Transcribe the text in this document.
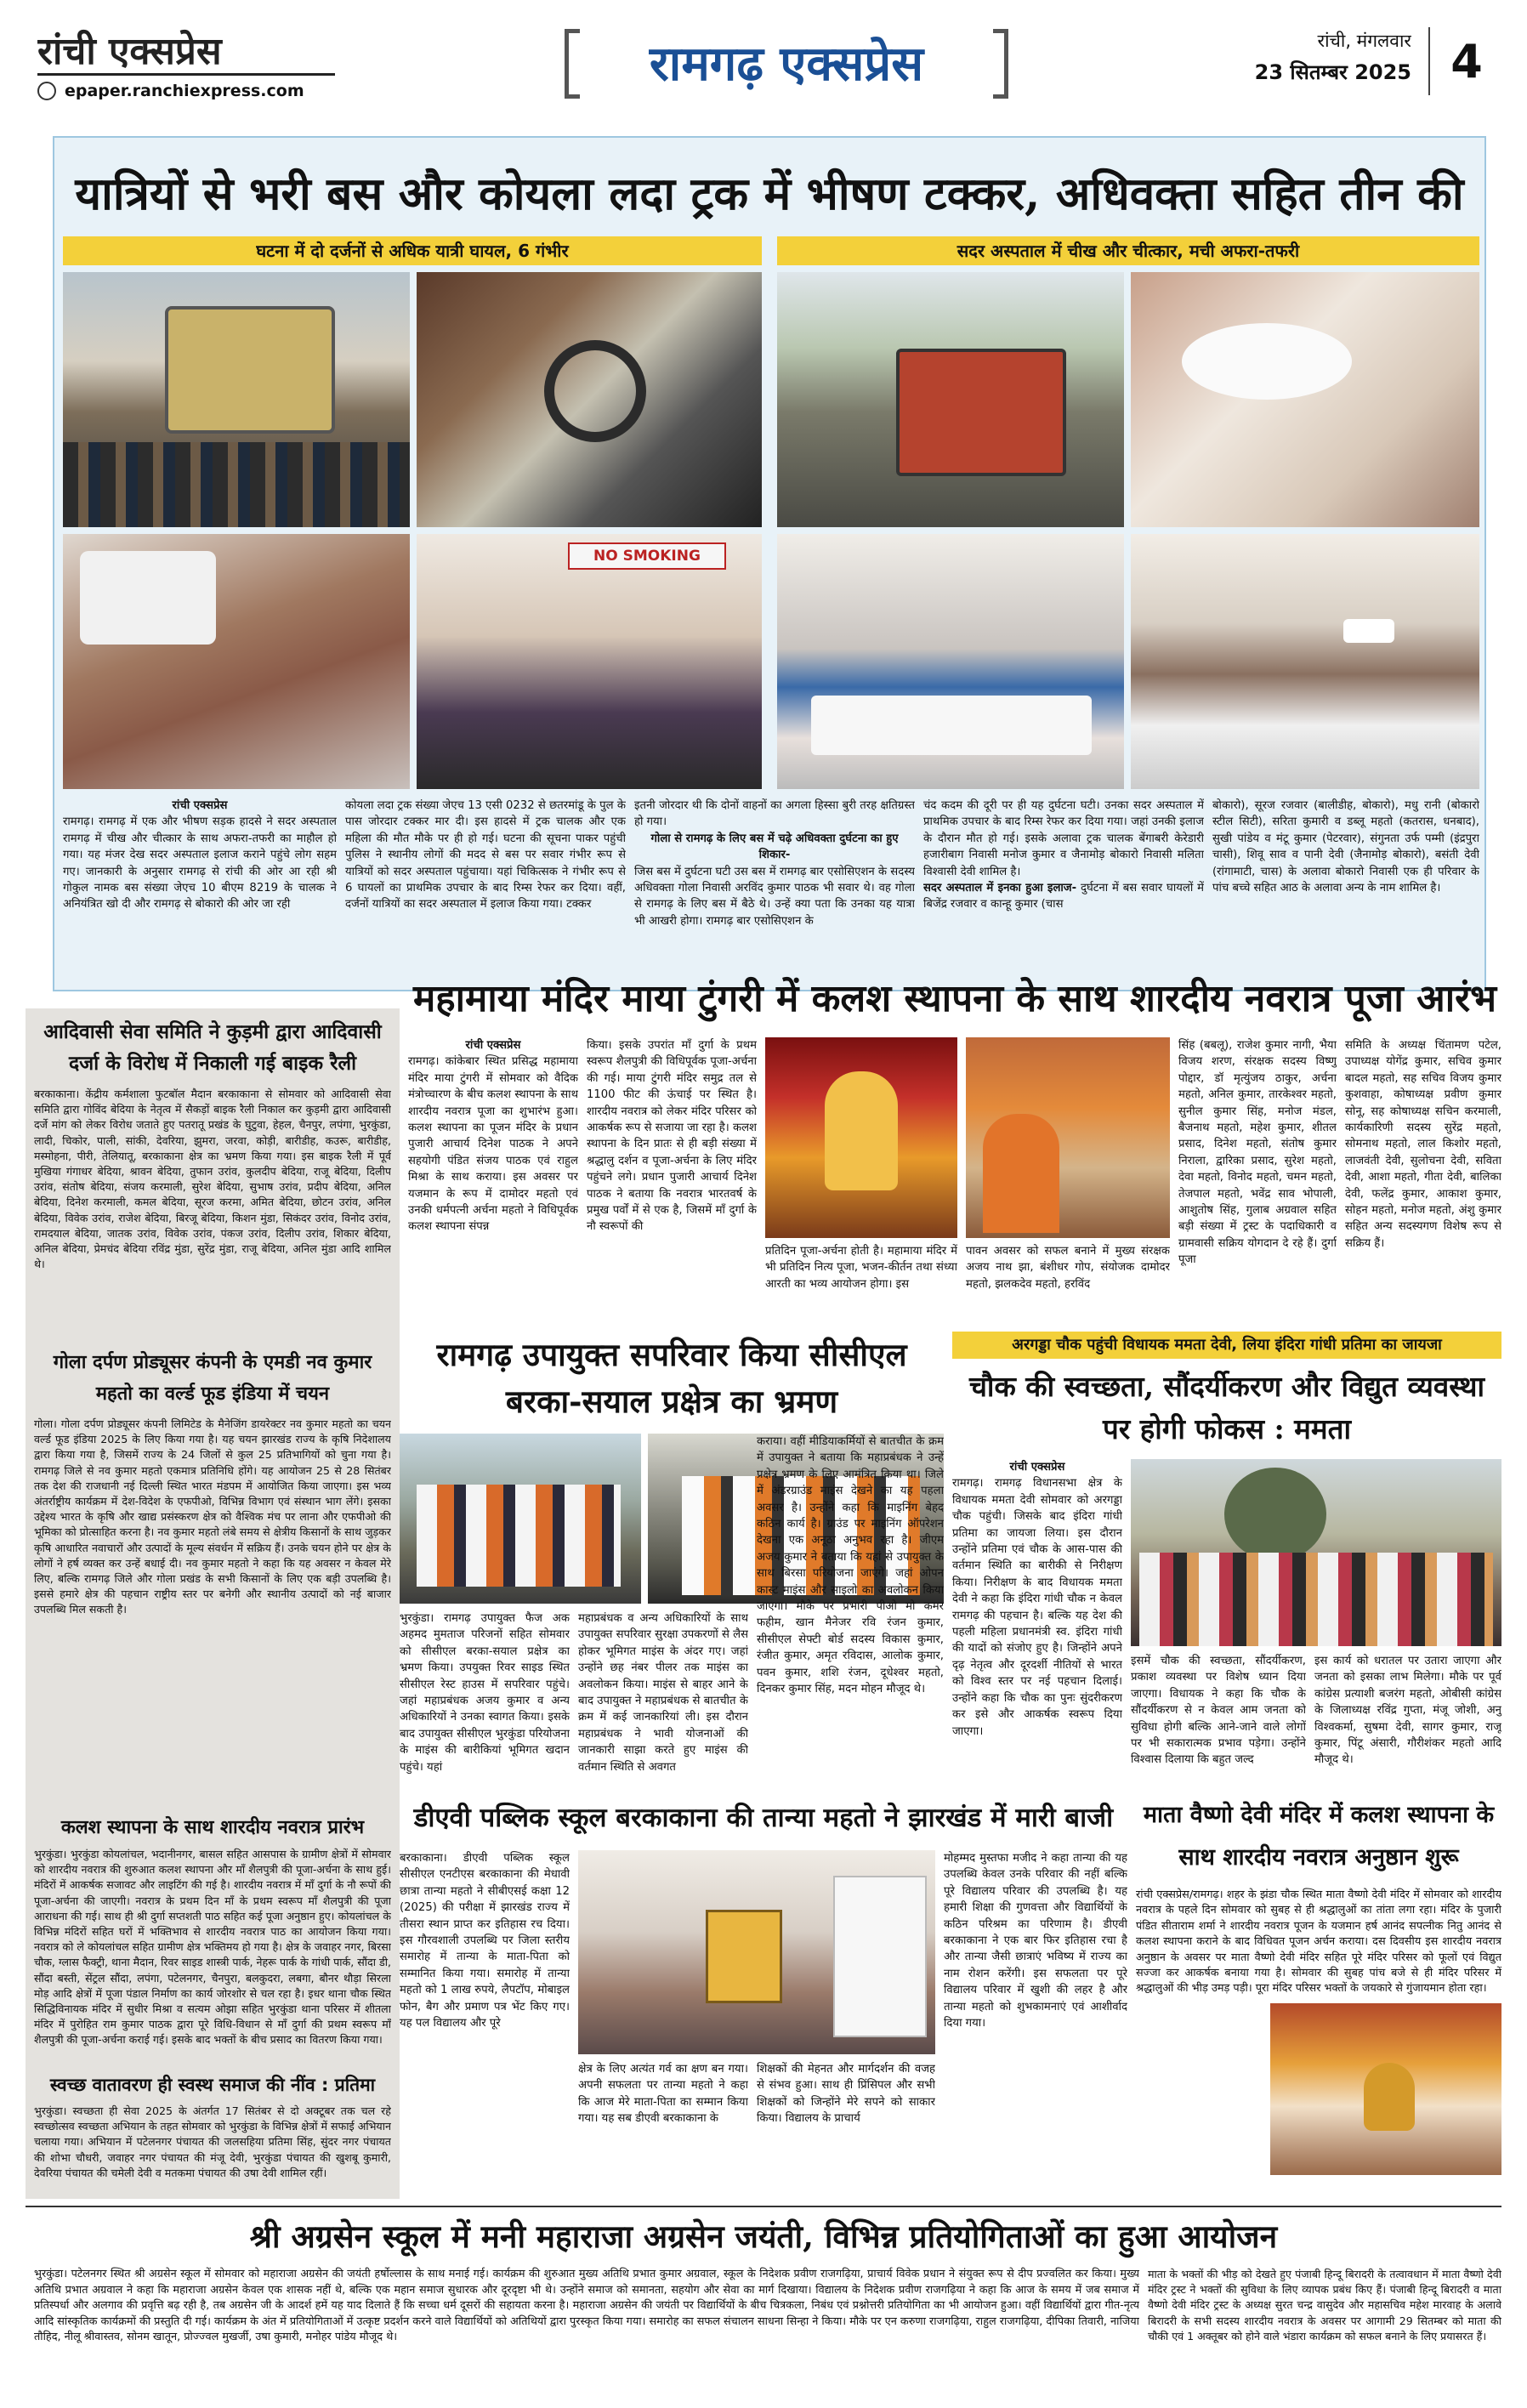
रांची एक्सप्रेस
epaper.ranchiexpress.com	रामगढ़ एक्सप्रेस	रांची, मंगलवार
23 सितम्बर 2025 4
यात्रियों से भरी बस और कोयला लदा ट्रक में भीषण टक्कर, अधिवक्ता सहित तीन की
घटना में दो दर्जनों से अधिक यात्री घायल, 6 गंभीर	सदर अस्पताल में चीख और चीत्कार, मची अफरा-तफरी
NO SMOKING
रांची एक्सप्रेस

रामगढ़। रामगढ़ में एक और भीषण सड़क हादसे ने सदर अस्पताल रामगढ़ में चीख और चीत्कार के साथ अफरा-तफरी का माहौल हो गया। यह मंजर देख सदर अस्पताल इलाज कराने पहुंचे लोग सहम गए। जानकारी के अनुसार रामगढ़ से रांची की ओर आ रही श्री गोकुल नामक बस संख्या जेएच 10 बीएम 8219 के चालक ने अनियंत्रित खो दी और रामगढ़ से बोकारो की ओर जा रही

कोयला लदा ट्रक संख्या जेएच 13 एसी 0232 से छतरमांडू के पुल के पास जोरदार टक्कर मार दी। इस हादसे में ट्रक चालक और एक महिला की मौत मौके पर ही हो गई। घटना की सूचना पाकर पहुंची पुलिस ने स्थानीय लोगों की मदद से बस पर सवार गंभीर रूप से यात्रियों को सदर अस्पताल पहुंचाया। यहां चिकित्सक ने गंभीर रूप से 6 घायलों का प्राथमिक उपचार के बाद रिम्स रेफर कर दिया। वहीं, दर्जनों यात्रियों का सदर अस्पताल में इलाज किया गया। टक्कर

इतनी जोरदार थी कि दोनों वाहनों का अगला हिस्सा बुरी तरह क्षतिग्रस्त हो गया।

गोला से रामगढ़ के लिए बस में चढ़े अधिवक्ता दुर्घटना का हुए शिकार-

जिस बस में दुर्घटना घटी उस बस में रामगढ़ बार एसोसिएशन के सदस्य अधिवक्ता गोला निवासी अरविंद कुमार पाठक भी सवार थे। वह गोला से रामगढ़ के लिए बस में बैठे थे। उन्हें क्या पता कि उनका यह यात्रा भी आखरी होगा। रामगढ़ बार एसोसिएशन के

चंद कदम की दूरी पर ही यह दुर्घटना घटी। उनका सदर अस्पताल में प्राथमिक उपचार के बाद रिम्स रेफर कर दिया गया। जहां उनकी इलाज के दौरान मौत हो गई। इसके अलावा ट्रक चालक बेंगाबरी केरेडारी हजारीबाग निवासी मनोज कुमार व जैनामोड़ बोकारो निवासी मलिता विश्वासी देवी शामिल है।

सदर अस्पताल में इनका हुआ इलाज- दुर्घटना में बस सवार घायलों में बिजेंद्र रजवार व कान्हू कुमार (चास

बोकारो), सूरज रजवार (बालीडीह, बोकारो), मधु रानी (बोकारो स्टील सिटी), सरिता कुमारी व डब्लू महतो (कतरास, धनबाद), सुखी पांडेय व मंटू कुमार (पेटरवार), संगुनता उर्फ पम्मी (इंद्रपुरा चासी), शिवू साव व पानी देवी (जैनामोड़ बोकारो), बसंती देवी (रांगामाटी, चास) के अलावा बोकारो निवासी एक ही परिवार के पांच बच्चे सहित आठ के अलावा अन्य के नाम शामिल है।

आदिवासी सेवा समिति ने कुड़मी द्वारा आदिवासी दर्जा के विरोध में निकाली गई बाइक रैली
बरकाकाना। केंद्रीय कर्मशाला फुटबॉल मैदान बरकाकाना से सोमवार को आदिवासी सेवा समिति द्वारा गोविंद बेदिया के नेतृत्व में सैकड़ों बाइक रैली निकाल कर कुड़मी द्वारा आदिवासी दर्जे मांग को लेकर विरोध जताते हुए पतरातू प्रखंड के घुटुवा, हेहल, चैनपुर, लपंगा, भुरकुंडा, लादी, चिकोर, पाली, सांकी, देवरिया, झुमरा, जरवा, कोड़ी, बारीडीह, कउरू, बारीडीह, मस्मोहना, पीरी, तेलियातू, बरकाकाना क्षेत्र का भ्रमण किया गया। इस बाइक रैली में पूर्व मुखिया गंगाधर बेदिया, श्रावन बेदिया, तुफान उरांव, कुलदीप बेदिया, राजू बेदिया, दिलीप उरांव, संतोष बेदिया, संजय करमाली, सुरेश बेदिया, सुभाष उरांव, प्रदीप बेदिया, अनिल बेदिया, दिनेश करमाली, कमल बेदिया, सूरज करमा, अमित बेदिया, छोटन उरांव, अनिल बेदिया, विवेक उरांव, राजेश बेदिया, बिरजू बेदिया, किशन मुंडा, सिकंदर उरांव, विनोद उरांव, रामदयाल बेदिया, जातक उरांव, विवेक उरांव, पंकज उरांव, दिलीप उरांव, शिकार बेदिया, अनिल बेदिया, प्रेमचंद बेदिया रविंद्र मुंडा, सुरेंद्र मुंडा, राजू बेदिया, अनिल मुंडा आदि शामिल थे।
गोला दर्पण प्रोड्यूसर कंपनी के एमडी नव कुमार महतो का वर्ल्ड फूड इंडिया में चयन
गोला। गोला दर्पण प्रोड्यूसर कंपनी लिमिटेड के मैनेजिंग डायरेक्टर नव कुमार महतो का चयन वर्ल्ड फूड इंडिया 2025 के लिए किया गया है। यह चयन झारखंड राज्य के कृषि निदेशालय द्वारा किया गया है, जिसमें राज्य के 24 जिलों से कुल 25 प्रतिभागियों को चुना गया है। रामगढ़ जिले से नव कुमार महतो एकमात्र प्रतिनिधि होंगे। यह आयोजन 25 से 28 सितंबर तक देश की राजधानी नई दिल्ली स्थित भारत मंडपम में आयोजित किया जाएगा। इस भव्य अंतर्राष्ट्रीय कार्यक्रम में देश-विदेश के एफपीओ, विभिन्न विभाग एवं संस्थान भाग लेंगे। इसका उद्देश्य भारत के कृषि और खाद्य प्रसंस्करण क्षेत्र को वैश्विक मंच पर लाना और एफपीओ की भूमिका को प्रोत्साहित करना है। नव कुमार महतो लंबे समय से क्षेत्रीय किसानों के साथ जुड़कर कृषि आधारित नवाचारों और उत्पादों के मूल्य संवर्धन में सक्रिय हैं। उनके चयन होने पर क्षेत्र के लोगों ने हर्ष व्यक्त कर उन्हें बधाई दी। नव कुमार महतो ने कहा कि यह अवसर न केवल मेरे लिए, बल्कि रामगढ़ जिले और गोला प्रखंड के सभी किसानों के लिए एक बड़ी उपलब्धि है। इससे हमारे क्षेत्र की पहचान राष्ट्रीय स्तर पर बनेगी और स्थानीय उत्पादों को नई बाजार उपलब्धि मिल सकती है।
कलश स्थापना के साथ शारदीय नवरात्र प्रारंभ
भुरकुंडा। भुरकुंडा कोयलांचल, भदानीनगर, बासल सहित आसपास के ग्रामीण क्षेत्रों में सोमवार को शारदीय नवरात्र की शुरुआत कलश स्थापना और माँ शैलपुत्री की पूजा-अर्चना के साथ हुई। मंदिरों में आकर्षक सजावट और लाइटिंग की गई है। शारदीय नवरात्र में माँ दुर्गा के नौ रूपों की पूजा-अर्चना की जाएगी। नवरात्र के प्रथम दिन माँ के प्रथम स्वरूप माँ शैलपुत्री की पूजा आराधना की गई। साथ ही श्री दुर्गा सप्तशती पाठ सहित कई पूजा अनुष्ठान हुए। कोयलांचल के विभिन्न मंदिरों सहित घरों में भक्तिभाव से शारदीय नवरात्र पाठ का आयोजन किया गया। नवरात्र को ले कोयलांचल सहित ग्रामीण क्षेत्र भक्तिमय हो गया है। क्षेत्र के जवाहर नगर, बिरसा चौक, ग्लास फैक्ट्री, थाना मैदान, रिवर साइड शास्त्री पार्क, नेहरू पार्क के गांधी पार्क, सौंदा डी, सौंदा बस्ती, सेंट्रल सौंदा, लपंगा, पटेलनगर, चैनपुरा, बलकुदरा, लबगा, बौनर थौड़ा सिरला मोड़ आदि क्षेत्रों में पूजा पंडाल निर्माण का कार्य जोरशोर से चल रहा है। इधर थाना चौक स्थित सिद्धिविनायक मंदिर में सुधीर मिश्रा व सत्यम ओझा सहित भुरकुंडा थाना परिसर में शीतला मंदिर में पुरोहित राम कुमार पाठक द्वारा पूरे विधि-विधान से माँ दुर्गा की प्रथम स्वरूप माँ शैलपुत्री की पूजा-अर्चना कराई गई। इसके बाद भक्तों के बीच प्रसाद का वितरण किया गया।
स्वच्छ वातावरण ही स्वस्थ समाज की नींव : प्रतिमा
भुरकुंडा। स्वच्छता ही सेवा 2025 के अंतर्गत 17 सितंबर से दो अक्टूबर तक चल रहे स्वच्छोत्सव स्वच्छता अभियान के तहत सोमवार को भुरकुंडा के विभिन्न क्षेत्रों में सफाई अभियान चलाया गया। अभियान में पटेलनगर पंचायत की जलसहिया प्रतिमा सिंह, सुंदर नगर पंचायत की शोभा चौधरी, जवाहर नगर पंचायत की मंजू देवी, भुरकुंडा पंचायत की खुशबू कुमारी, देवरिया पंचायत की चमेली देवी व मतकमा पंचायत की उषा देवी शामिल रहीं।
महामाया मंदिर माया टुंगरी में कलश स्थापना के साथ शारदीय नवरात्र पूजा आरंभ
रांची एक्सप्रेस

रामगढ़। कांकेबार स्थित प्रसिद्ध महामाया मंदिर माया टुंगरी में सोमवार को वैदिक मंत्रोच्चारण के बीच कलश स्थापना के साथ शारदीय नवरात्र पूजा का शुभारंभ हुआ। कलश स्थापना का पूजन मंदिर के प्रधान पुजारी आचार्य दिनेश पाठक ने अपने सहयोगी पंडित संजय पाठक एवं राहुल मिश्रा के साथ कराया। इस अवसर पर यजमान के रूप में दामोदर महतो एवं उनकी धर्मपत्नी अर्चना महतो ने विधिपूर्वक कलश स्थापना संपन्न

किया। इसके उपरांत माँ दुर्गा के प्रथम स्वरूप शैलपुत्री की विधिपूर्वक पूजा-अर्चना की गई। माया टुंगरी मंदिर समुद्र तल से 1100 फीट की ऊंचाई पर स्थित है। शारदीय नवरात्र को लेकर मंदिर परिसर को आकर्षक रूप से सजाया जा रहा है। कलश स्थापना के दिन प्रातः से ही बड़ी संख्या में श्रद्धालु दर्शन व पूजा-अर्चना के लिए मंदिर पहुंचने लगे। प्रधान पुजारी आचार्य दिनेश पाठक ने बताया कि नवरात्र भारतवर्ष के प्रमुख पर्वों में से एक है, जिसमें माँ दुर्गा के नौ स्वरूपों की
प्रतिदिन पूजा-अर्चना होती है। महामाया मंदिर में भी प्रतिदिन नित्य पूजा, भजन-कीर्तन तथा संध्या आरती का भव्य आयोजन होगा। इस
पावन अवसर को सफल बनाने में मुख्य संरक्षक अजय नाथ झा, बंशीधर गोप, संयोजक दामोदर महतो, झलकदेव महतो, हरविंद
सिंह (बबलू), राजेश कुमार नागी, भैया विजय शरण, संरक्षक सदस्य विष्णु पोद्दार, डॉ मृत्युंजय ठाकुर, अर्चना महतो, अनिल कुमार, तारकेश्वर महतो, सुनील कुमार सिंह, मनोज मंडल, बैजनाथ महतो, महेश कुमार, शीतल प्रसाद, दिनेश महतो, संतोष कुमार निराला, द्वारिका प्रसाद, सुरेश महतो, देवा महतो, विनोद महतो, चमन महतो, तेजपाल महतो, भवेंद्र साव भोपाली, आशुतोष सिंह, गुलाब अग्रवाल सहित बड़ी संख्या में ट्रस्ट के पदाधिकारी व ग्रामवासी सक्रिय योगदान दे रहे हैं। दुर्गा पूजा
समिति के अध्यक्ष चिंतामण पटेल, उपाध्यक्ष योगेंद्र कुमार, सचिव कुमार बादल महतो, सह सचिव विजय कुमार कुशवाहा, कोषाध्यक्ष प्रवीण कुमार सोनू, सह कोषाध्यक्ष सचिन करमाली, कार्यकारिणी सदस्य सुरेंद्र महतो, सोमनाथ महतो, लाल किशोर महतो, लाजवंती देवी, सुलोचना देवी, सविता देवी, आशा महतो, गीता देवी, बालिका देवी, फलेंद्र कुमार, आकाश कुमार, सोहन महतो, मनोज महतो, अंशु कुमार सहित अन्य सदस्यगण विशेष रूप से सक्रिय हैं।
रामगढ़ उपायुक्त सपरिवार किया सीसीएल बरका-सयाल प्रक्षेत्र का भ्रमण
भुरकुंडा। रामगढ़ उपायुक्त फैज अक अहमद मुमताज परिजनों सहित सोमवार को सीसीएल बरका-सयाल प्रक्षेत्र का भ्रमण किया। उपयुक्त रिवर साइड स्थित सीसीएल रेस्ट हाउस में सपरिवार पहुंचे। जहां महाप्रबंधक अजय कुमार व अन्य अधिकारियों ने उनका स्वागत किया। इसके बाद उपायुक्त सीसीएल भुरकुंडा परियोजना के माइंस की बारीकियां भूमिगत खदान पहुंचे। यहां
महाप्रबंधक व अन्य अधिकारियों के साथ उपायुक्त सपरिवार सुरक्षा उपकरणों से लैस होकर भूमिगत माइंस के अंदर गए। जहां उन्होंने छह नंबर पीलर तक माइंस का अवलोकन किया। माइंस से बाहर आने के बाद उपायुक्त ने महाप्रबंधक से बातचीत के क्रम में कई जानकारियां ली। इस दौरान महाप्रबंधक ने भावी योजनाओं की जानकारी साझा करते हुए माइंस की वर्तमान स्थिति से अवगत
कराया। वहीं मीडियाकर्मियों से बातचीत के क्रम में उपायुक्त ने बताया कि महाप्रबंधक ने उन्हें प्रक्षेत्र भ्रमण के लिए आमंत्रित किया था। जिले में अंडरग्राउंड माइंस देखने का यह पहला अवसर है। उन्होंने कहा कि माइनिंग बेहद कठिन कार्य है। ग्राउंड पर माइनिंग ऑपरेशन देखना एक अनूठा अनुभव रहा है। जीएम अजय कुमार ने बताया कि यहां से उपायुक्त के साथ बिरसा परियोजना जाएंगे। जहां ओपन कास्ट माइंस और साइलो का अवलोकन किया जाएगा। मौके पर प्रभारी पीओ मो कमर फहीम, खान मैनेजर रवि रंजन कुमार, सीसीएल सेफ्टी बोर्ड सदस्य विकास कुमार, रंजीत कुमार, अमृत रविदास, आलोक कुमार, पवन कुमार, शशि रंजन, दूधेश्वर महतो, दिनकर कुमार सिंह, मदन मोहन मौजूद थे।
अरगड्डा चौक पहुंची विधायक ममता देवी, लिया इंदिरा गांधी प्रतिमा का जायजा
चौक की स्वच्छता, सौंदर्यीकरण और विद्युत व्यवस्था पर होगी फोकस : ममता
रांची एक्सप्रेस

रामगढ़। रामगढ़ विधानसभा क्षेत्र के विधायक ममता देवी सोमवार को अरगड्डा चौक पहुंची। जिसके बाद इंदिरा गांधी प्रतिमा का जायजा लिया। इस दौरान उन्होंने प्रतिमा एवं चौक के आस-पास की वर्तमान स्थिति का बारीकी से निरीक्षण किया। निरीक्षण के बाद विधायक ममता देवी ने कहा कि इंदिरा गांधी चौक न केवल रामगढ़ की पहचान है। बल्कि यह देश की पहली महिला प्रधानमंत्री स्व. इंदिरा गांधी की यादों को संजोए हुए है। जिन्होंने अपने दृढ़ नेतृत्व और दूरदर्शी नीतियों से भारत को विश्व स्तर पर नई पहचान दिलाई। उन्होंने कहा कि चौक का पुनः सुंदरीकरण कर इसे और आकर्षक स्वरूप दिया जाएगा।

इसमें चौक की स्वच्छता, सौंदर्यीकरण, प्रकाश व्यवस्था पर विशेष ध्यान दिया जाएगा। विधायक ने कहा कि चौक के सौंदर्यीकरण से न केवल आम जनता को सुविधा होगी बल्कि आने-जाने वाले लोगों पर भी सकारात्मक प्रभाव पड़ेगा। उन्होंने विश्वास दिलाया कि बहुत जल्द
इस कार्य को धरातल पर उतारा जाएगा और जनता को इसका लाभ मिलेगा। मौके पर पूर्व कांग्रेस प्रत्याशी बजरंग महतो, ओबीसी कांग्रेस के जिलाध्यक्ष रविंद्र गुप्ता, मंजू जोशी, अनु विश्वकर्मा, सुषमा देवी, सागर कुमार, राजू कुमार, पिंटू अंसारी, गौरीशंकर महतो आदि मौजूद थे।
डीएवी पब्लिक स्कूल बरकाकाना की तान्या महतो ने झारखंड में मारी बाजी
बरकाकाना। डीएवी पब्लिक स्कूल सीसीएल एनटीएस बरकाकाना की मेधावी छात्रा तान्या महतो ने सीबीएसई कक्षा 12 (2025) की परीक्षा में झारखंड राज्य में तीसरा स्थान प्राप्त कर इतिहास रच दिया। इस गौरवशाली उपलब्धि पर जिला स्तरीय समारोह में तान्या के माता-पिता को सम्मानित किया गया। समारोह में तान्या महतो को 1 लाख रुपये, लैपटॉप, मोबाइल फोन, बैग और प्रमाण पत्र भेंट किए गए। यह पल विद्यालय और पूरे
क्षेत्र के लिए अत्यंत गर्व का क्षण बन गया। अपनी सफलता पर तान्या महतो ने कहा कि आज मेरे माता-पिता का सम्मान किया गया। यह सब डीएवी बरकाकाना के
शिक्षकों की मेहनत और मार्गदर्शन की वजह से संभव हुआ। साथ ही प्रिंसिपल और सभी शिक्षकों को जिन्होंने मेरे सपने को साकार किया। विद्यालय के प्राचार्य
मोहम्मद मुस्तफा मजीद ने कहा तान्या की यह उपलब्धि केवल उनके परिवार की नहीं बल्कि पूरे विद्यालय परिवार की उपलब्धि है। यह हमारी शिक्षा की गुणवत्ता और विद्यार्थियों के कठिन परिश्रम का परिणाम है। डीएवी बरकाकाना ने एक बार फिर इतिहास रचा है और तान्या जैसी छात्राएं भविष्य में राज्य का नाम रोशन करेंगी। इस सफलता पर पूरे विद्यालय परिवार में खुशी की लहर है और तान्या महतो को शुभकामनाएं एवं आशीर्वाद दिया गया।
माता वैष्णो देवी मंदिर में कलश स्थापना के साथ शारदीय नवरात्र अनुष्ठान शुरू
रांची एक्सप्रेस/रामगढ़। शहर के झंडा चौक स्थित माता वैष्णो देवी मंदिर में सोमवार को शारदीय नवरात्र के पहले दिन सोमवार को सुबह से ही श्रद्धालुओं का तांता लगा रहा। मंदिर के पुजारी पंडित सीताराम शर्मा ने शारदीय नवरात्र पूजन के यजमान हर्ष आनंद सपत्नीक नितु आनंद से कलश स्थापना कराने के बाद विधिवत पूजन अर्चन कराया। दस दिवसीय इस शारदीय नवरात्र अनुष्ठान के अवसर पर माता वैष्णो देवी मंदिर सहित पूरे मंदिर परिसर को फूलों एवं विद्युत सज्जा कर आकर्षक बनाया गया है। सोमवार की सुबह पांच बजे से ही मंदिर परिसर में श्रद्धालुओं की भीड़ उमड़ पड़ी। पूरा मंदिर परिसर भक्तों के जयकारे से गुंजायमान होता रहा।
श्री अग्रसेन स्कूल में मनी महाराजा अग्रसेन जयंती, विभिन्न प्रतियोगिताओं का हुआ आयोजन
भुरकुंडा। पटेलनगर स्थित श्री अग्रसेन स्कूल में सोमवार को महाराजा अग्रसेन की जयंती हर्षोल्लास के साथ मनाई गई। कार्यक्रम की शुरुआत मुख्य अतिथि प्रभात कुमार अग्रवाल, स्कूल के निदेशक प्रवीण राजगढ़िया, प्राचार्य विवेक प्रधान ने संयुक्त रूप से दीप प्रज्वलित कर किया। मुख्य अतिथि प्रभात अग्रवाल ने कहा कि महाराजा अग्रसेन केवल एक शासक नहीं थे, बल्कि एक महान समाज सुधारक और दूरदृष्टा भी थे। उन्होंने समाज को समानता, सहयोग और सेवा का मार्ग दिखाया। विद्यालय के निदेशक प्रवीण राजगढ़िया ने कहा कि आज के समय में जब समाज में प्रतिस्पर्धा और अलगाव की प्रवृत्ति बढ़ रही है, तब अग्रसेन जी के आदर्श हमें यह याद दिलाते हैं कि सच्चा धर्म दूसरों की सहायता करना है। महाराजा अग्रसेन की जयंती पर विद्यार्थियों के बीच चित्रकला, निबंध एवं प्रश्नोत्तरी प्रतियोगिता का भी आयोजन हुआ। वहीं विद्यार्थियों द्वारा गीत-नृत्य आदि सांस्कृतिक कार्यक्रमों की प्रस्तुति दी गई। कार्यक्रम के अंत में प्रतियोगिताओं में उत्कृष्ट प्रदर्शन करने वाले विद्यार्थियों को अतिथियों द्वारा पुरस्कृत किया गया। समारोह का सफल संचालन साधना सिन्हा ने किया। मौके पर एन करुणा राजगढ़िया, राहुल राजगढ़िया, दीपिका तिवारी, नाजिया तौहिद, नीलू श्रीवास्तव, सोनम खातून, प्रोज्ज्वल मुखर्जी, उषा कुमारी, मनोहर पांडेय मौजूद थे।
माता के भक्तों की भीड़ को देखते हुए पंजाबी हिन्दू बिरादरी के तत्वावधान में माता वैष्णो देवी मंदिर ट्रस्ट ने भक्तों की सुविधा के लिए व्यापक प्रबंध किए हैं। पंजाबी हिन्दू बिरादरी व माता वैष्णो देवी मंदिर ट्रस्ट के अध्यक्ष सुरत चन्द्र वासुदेव और महासचिव महेश मारवाह के अलावे बिरादरी के सभी सदस्य शारदीय नवरात्र के अवसर पर आगामी 29 सितम्बर को माता की चौकी एवं 1 अक्तूबर को होने वाले भंडारा कार्यक्रम को सफल बनाने के लिए प्रयासरत हैं।
